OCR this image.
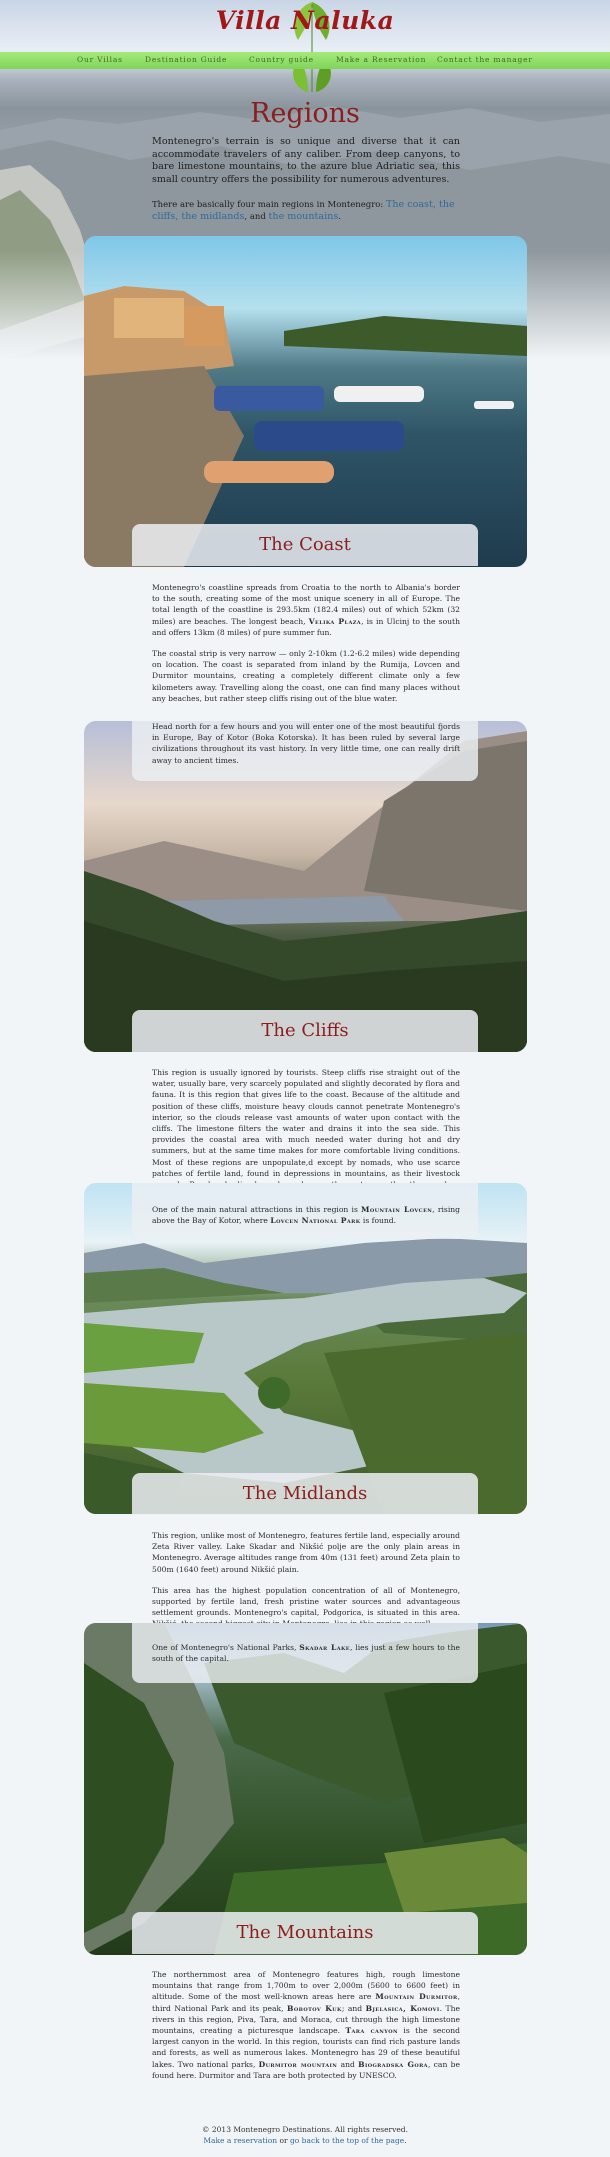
Villa Naluka
Our Villas	Destination Guide	Country guide	Make a Reservation Contact the manager
Regions
Montenegro's terrain is so unique and diverse that it can accommodate travelers of any caliber. From deep canyons, to bare limestone mountains, to the azure blue Adriatic sea, this small country offers the possibility for numerous adventures.
There are basically four main regions in Montenegro: The coast, the cliffs, the midlands, and the mountains.
The Coast

Montenegro's coastline spreads from Croatia to the north to Albania's border to the south, creating some of the most unique scenery in all of Europe. The total length of the coastline is 293.5km (182.4 miles) out of which 52km (32 miles) are beaches. The longest beach, Velika Plaza, is in Ulcinj to the south and offers 13km (8 miles) of pure summer fun.

The coastal strip is very narrow — only 2-10km (1.2-6.2 miles) wide depending on location. The coast is separated from inland by the Rumija, Lovcen and Durmitor mountains, creating a completely different climate only a few kilometers away. Travelling along the coast, one can find many places without any beaches, but rather steep cliffs rising out of the blue water.

Head north for a few hours and you will enter one of the most beautiful fjords in Europe, Bay of Kotor (Boka Kotorska). It has been ruled by several large civilizations throughout its vast history. In very little time, one can really drift away to ancient times.

The Cliffs

This region is usually ignored by tourists. Steep cliffs rise straight out of the water, usually bare, very scarcely populated and slightly decorated by flora and fauna. It is this region that gives life to the coast. Because of the altitude and position of these cliffs, moisture heavy clouds cannot penetrate Montenegro's interior, so the clouds release vast amounts of water upon contact with the cliffs. The limestone filters the water and drains it into the sea side. This provides the coastal area with much needed water during hot and dry summers, but at the same time makes for more comfortable living conditions. Most of these regions are unpopulate,d except by nomads, who use scarce patches of fertile land, found in depressions in mountains, as their livestock

One of the main natural attractions in this region is Mountain Lovcen, rising above the Bay of Kotor, where Lovcen National Park is found.

The Midlands

This region, unlike most of Montenegro, features fertile land, especially around Zeta River valley. Lake Skadar and Nikšić polje are the only plain areas in Montenegro. Average altitudes range from 40m (131 feet) around Zeta plain to 500m (1640 feet) around Nikšić plain.

This area has the highest population concentration of all of Montenegro, supported by fertile land, fresh pristine water sources and advantageous settlement grounds. Montenegro's capital, Podgorica, is situated in this area.

One of Montenegro's National Parks, Skadar Lake, lies just a few hours to the south of the capital.

The Mountains

The northernmost area of Montenegro features high, rough limestone mountains that range from 1,700m to over 2,000m (5600 to 6600 feet) in altitude. Some of the most well-known areas here are Mountain Durmitor, third National Park and its peak, Bobotov Kuk; and Bjelasica, Komovi. The rivers in this region, Piva, Tara, and Moraca, cut through the high limestone mountains, creating a picturesque landscape. Tara canyon is the second largest canyon in the world. In this region, tourists can find rich pasture lands and forests, as well as numerous lakes. Montenegro has 29 of these beautiful lakes. Two national parks, Durmitor mountain and Biogradska Gora, can be found here. Durmitor and Tara are both protected by UNESCO.

© 2013 Montenegro Destinations. All rights reserved.
Make a reservation or go back to the top of the page.
